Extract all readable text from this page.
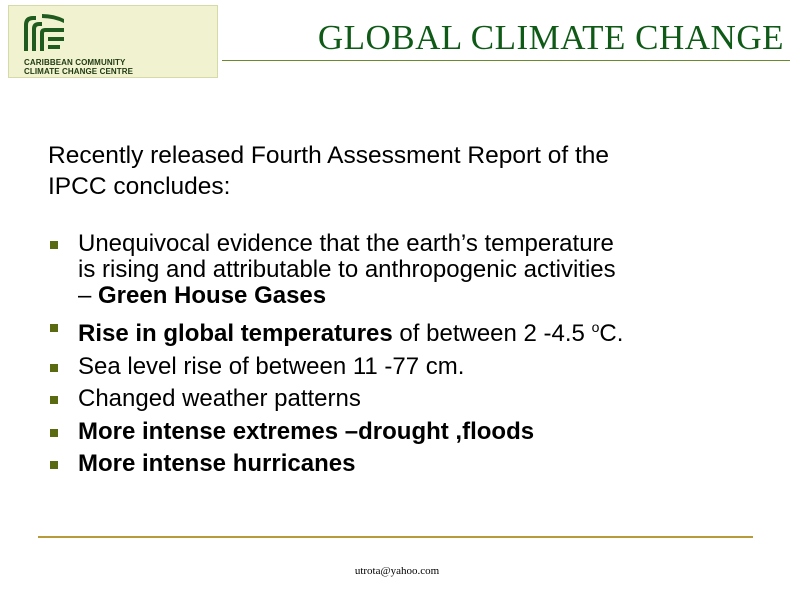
CARIBBEAN COMMUNITY
CLIMATE CHANGE CENTRE
GLOBAL CLIMATE CHANGE
Recently released Fourth Assessment Report of the
IPCC concludes:
Unequivocal evidence that the earth’s temperature
is rising and attributable to anthropogenic activities
– Green House Gases
Rise in global temperatures of between 2 -4.5 $^o$C.
Sea level rise of between 11 -77 cm.
Changed weather patterns
More intense extremes –drought ,floods
More intense hurricanes
utrota@yahoo.com
